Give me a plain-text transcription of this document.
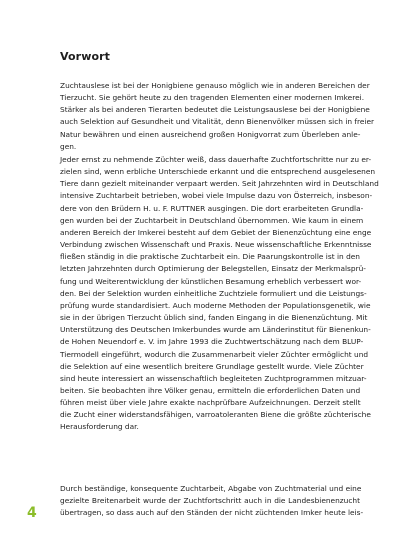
Vorwort
Zuchtauslese ist bei der Honigbiene genauso möglich wie in anderen Bereichen der
Tierzucht. Sie gehört heute zu den tragenden Elementen einer modernen Imkerei.
Stärker als bei anderen Tierarten bedeutet die Leistungsauslese bei der Honigbiene
auch Selektion auf Gesundheit und Vitalität, denn Bienenvölker müssen sich in freier
Natur bewähren und einen ausreichend großen Honigvorrat zum Überleben anle-
gen.
Jeder ernst zu nehmende Züchter weiß, dass dauerhafte Zuchtfortschritte nur zu er-
zielen sind, wenn erbliche Unterschiede erkannt und die entsprechend ausgelesenen
Tiere dann gezielt miteinander verpaart werden. Seit Jahrzehnten wird in Deutschland
intensive Zuchtarbeit betrieben, wobei viele Impulse dazu von Österreich, insbeson-
dere von den Brüdern H. u. F. RUTTNER ausgingen. Die dort erarbeiteten Grundla-
gen wurden bei der Zuchtarbeit in Deutschland übernommen. Wie kaum in einem
anderen Bereich der Imkerei besteht auf dem Gebiet der Bienenzüchtung eine enge
Verbindung zwischen Wissenschaft und Praxis. Neue wissenschaftliche Erkenntnisse
fließen ständig in die praktische Zuchtarbeit ein. Die Paarungskontrolle ist in den
letzten Jahrzehnten durch Optimierung der Belegstellen, Einsatz der Merkmalsprü-
fung und Weiterentwicklung der künstlichen Besamung erheblich verbessert wor-
den. Bei der Selektion wurden einheitliche Zuchtziele formuliert und die Leistungs-
prüfung wurde standardisiert. Auch moderne Methoden der Populationsgenetik, wie
sie in der übrigen Tierzucht üblich sind, fanden Eingang in die Bienenzüchtung. Mit
Unterstützung des Deutschen Imkerbundes wurde am Länderinstitut für Bienenkun-
de Hohen Neuendorf e. V. im Jahre 1993 die Zuchtwertschätzung nach dem BLUP-
Tiermodell eingeführt, wodurch die Zusammenarbeit vieler Züchter ermöglicht und
die Selektion auf eine wesentlich breitere Grundlage gestellt wurde. Viele Züchter
sind heute interessiert an wissenschaftlich begleiteten Zuchtprogrammen mitzuar-
beiten. Sie beobachten ihre Völker genau, ermitteln die erforderlichen Daten und
führen meist über viele Jahre exakte nachprüfbare Aufzeichnungen. Derzeit stellt
die Zucht einer widerstandsfähigen, varroatoleranten Biene die größte züchterische
Herausforderung dar.
Durch beständige, konsequente Zuchtarbeit, Abgabe von Zuchtmaterial und eine
gezielte Breitenarbeit wurde der Zuchtfortschritt auch in die Landesbienenzucht
übertragen, so dass auch auf den Ständen der nicht züchtenden Imker heute leis-
4
